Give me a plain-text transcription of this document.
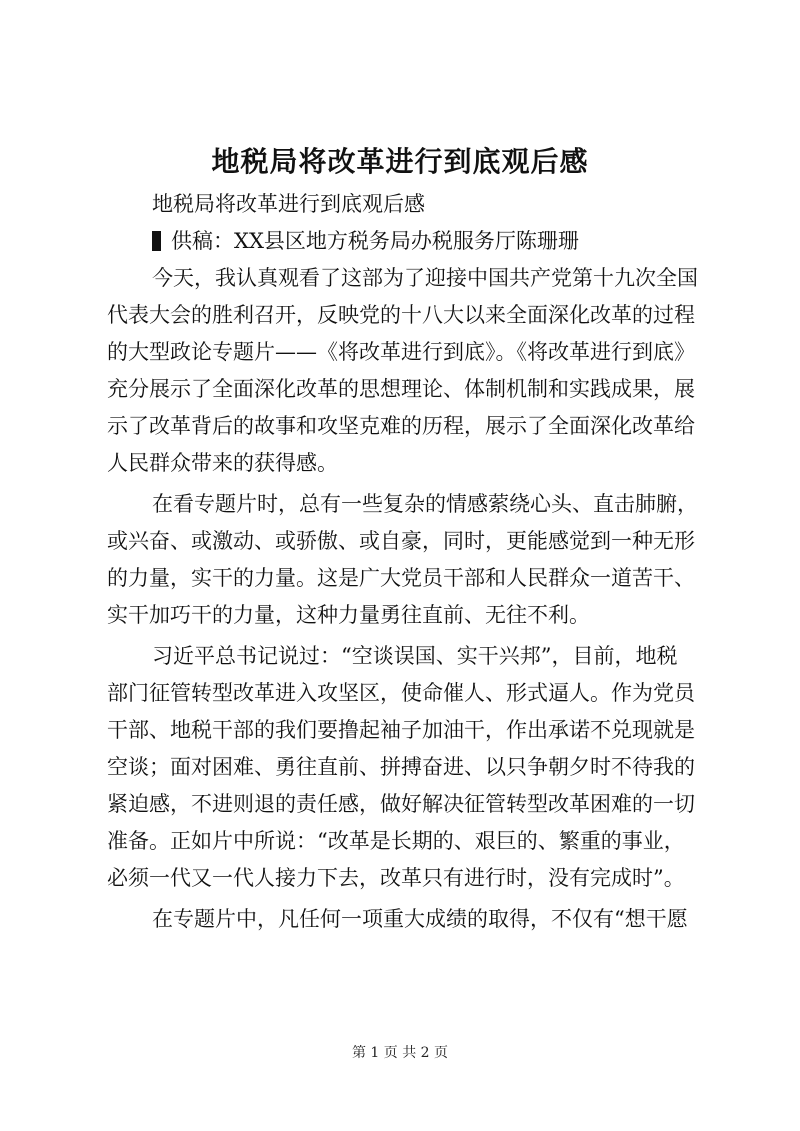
地税局将改革进行到底观后感

地税局将改革进行到底观后感

供稿：XX县区地方税务局办税服务厅陈珊珊

今天，我认真观看了这部为了迎接中国共产党第十九次全国

代表大会的胜利召开，反映党的十八大以来全面深化改革的过程

的大型政论专题片——《将改革进行到底》。《将改革进行到底》

充分展示了全面深化改革的思想理论、体制机制和实践成果，展

示了改革背后的故事和攻坚克难的历程，展示了全面深化改革给

人民群众带来的获得感。

在看专题片时，总有一些复杂的情感萦绕心头、直击肺腑，

或兴奋、或激动、或骄傲、或自豪，同时，更能感觉到一种无形

的力量，实干的力量。这是广大党员干部和人民群众一道苦干、

实干加巧干的力量，这种力量勇往直前、无往不利。

习近平总书记说过：“空谈误国、实干兴邦”，目前，地税

部门征管转型改革进入攻坚区，使命催人、形式逼人。作为党员

干部、地税干部的我们要撸起袖子加油干，作出承诺不兑现就是

空谈；面对困难、勇往直前、拼搏奋进、以只争朝夕时不待我的

紧迫感，不进则退的责任感，做好解决征管转型改革困难的一切

准备。正如片中所说：“改革是长期的、艰巨的、繁重的事业，

必须一代又一代人接力下去，改革只有进行时，没有完成时”。

在专题片中，凡任何一项重大成绩的取得，不仅有“想干愿

第 1 页 共 2 页
